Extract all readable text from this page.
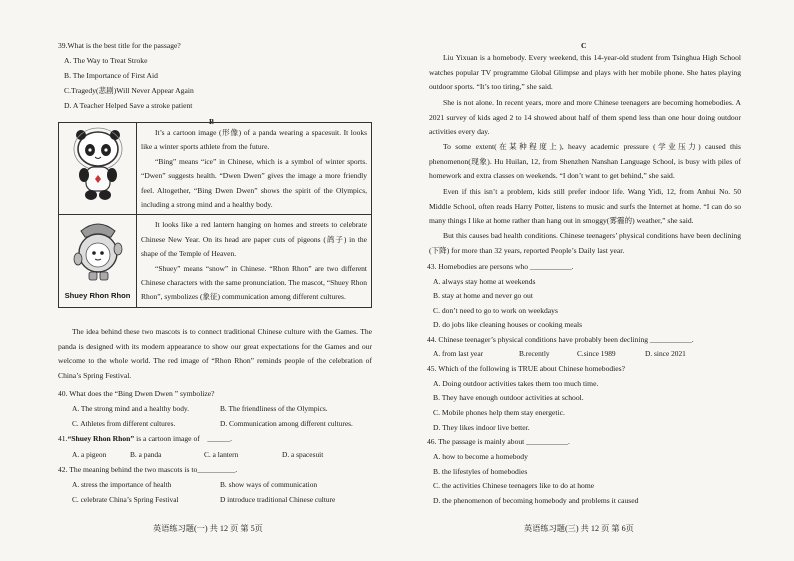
39.What is the best title for the passage?
A. The Way to Treat Stroke
B. The Importance of First Aid
C.Tragedy(悲剧)Will Never Appear Again
D. A Teacher Helped Save a stroke patient
B

It’s a cartoon image (形像) of a panda wearing a spacesuit. It looks like a winter sports athlete from the future.

“Bing” means “ice” in Chinese, which is a symbol of winter sports. “Dwen” suggests health. “Dwen Dwen” gives the image a more friendly feel. Altogether, “Bing Dwen Dwen” shows the spirit of the Olympics, including a strong mind and a healthy body.

Shuey Rhon Rhon	It looks like a red lantern hanging on homes and streets to celebrate Chinese New Year. On its head are paper cuts of pigeons (鸽子) in the shape of the Temple of Heaven.

“Shuey” means “snow” in Chinese. “Rhon Rhon” are two different Chinese characters with the same pronunciation. The mascot, “Shuey Rhon Rhon”, symbolizes (象征) communication among different cultures.

The idea behind these two mascots is to connect traditional Chinese culture with the Games. The panda is designed with its modern appearance to show our great expectations for the Games and our welcome to the whole world. The red image of “Rhon Rhon” reminds people of the celebration of China’s Spring Festival.
40. What does the “Bing Dwen Dwen ” symbolize?
A. The strong mind and a healthy body.	B. The friendliness of the Olympics.
C. Athletes from different cultures.	D. Communication among different cultures.
41.“Shuey Rhon Rhon” is a cartoon image of ______.
A. a pigeon	B. a panda	C. a lantern	D. a spacesuit
42. The meaning behind the two mascots is to__________.
A. stress the importance of health	B. show ways of communication
C. celebrate China’s Spring Festival	D introduce traditional Chinese culture
英语练习题(一) 共 12 页 第 5页
C
Liu Yixuan is a homebody. Every weekend, this 14-year-old student from Tsinghua High School watches popular TV programme Global Glimpse and plays with her mobile phone. She hates playing outdoor sports. “It’s too tiring,” she said.
She is not alone. In recent years, more and more Chinese teenagers are becoming homebodies. A 2021 survey of kids aged 2 to 14 showed about half of them spend less than one hour doing outdoor activities every day.
To some extent(在某种程度上), heavy academic pressure (学业压力) caused this phenomenon(现象). Hu Huilan, 12, from Shenzhen Nanshan Language School, is busy with piles of homework and extra classes on weekends. “I don’t want to get behind,” she said.
Even if this isn’t a problem, kids still prefer indoor life. Wang Yidi, 12, from Anhui No. 50 Middle School, often reads Harry Potter, listens to music and surfs the Internet at home. “I can do so many things I like at home rather than hang out in smoggy(雾霾的) weather,” she said.
But this causes bad health conditions. Chinese teenagers’ physical conditions have been declining (下降) for more than 32 years, reported People’s Daily last year.
43. Homebodies are persons who ___________.
A. always stay home at weekends
B. stay at home and never go out
C. don’t need to go to work on weekdays
D. do jobs like cleaning houses or cooking meals
44. Chinese teenager’s physical conditions have probably been declining ___________.
A. from last year	B.recently	C.since 1989	D. since 2021
45. Which of the following is TRUE about Chinese homebodies?
A. Doing outdoor activities takes them too much time.
B. They have enough outdoor activities at school.
C. Mobile phones help them stay energetic.
D. They likes indoor live better.
46. The passage is mainly about ___________.
A. how to become a homebody
B. the lifestyles of homebodies
C. the activities Chinese teenagers like to do at home
D. the phenomenon of becoming homebody and problems it caused
英语练习题(三) 共 12 页 第 6页
